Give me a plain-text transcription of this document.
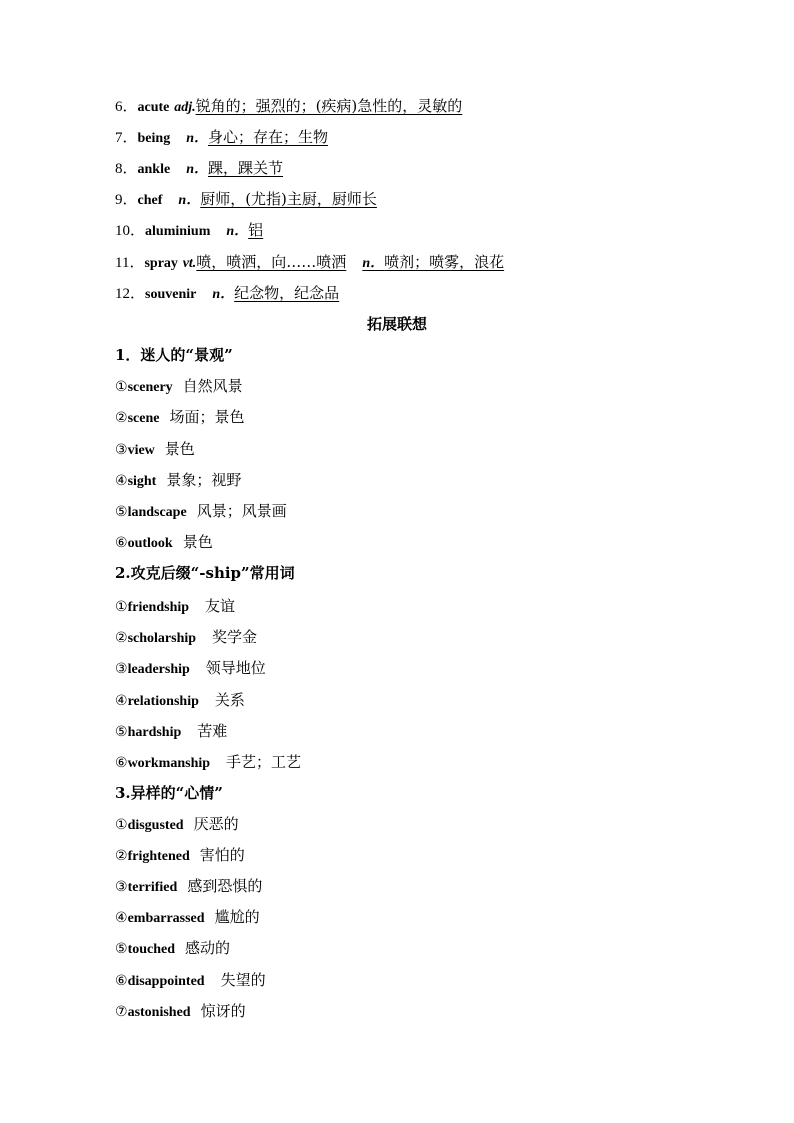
6．acute adj.锐角的；强烈的；(疾病)急性的，灵敏的
7．being n．身心；存在；生物
8．ankle n．踝，踝关节
9．chef n．厨师，(尤指)主厨，厨师长
10．aluminium n．铝
11．spray vt.喷，喷洒，向……喷洒 n．喷剂；喷雾，浪花
12．souvenir n．纪念物，纪念品
拓展联想
1．迷人的“景观”
①scenery 自然风景
②scene 场面；景色
③view 景色
④sight 景象；视野
⑤landscape 风景；风景画
⑥outlook 景色
2.攻克后缀“-ship”常用词
①friendship 友谊
②scholarship 奖学金
③leadership 领导地位
④relationship 关系
⑤hardship 苦难
⑥workmanship 手艺；工艺
3.异样的“心情”
①disgusted 厌恶的
②frightened 害怕的
③terrified 感到恐惧的
④embarrassed 尴尬的
⑤touched 感动的
⑥disappointed 失望的
⑦astonished 惊讶的
